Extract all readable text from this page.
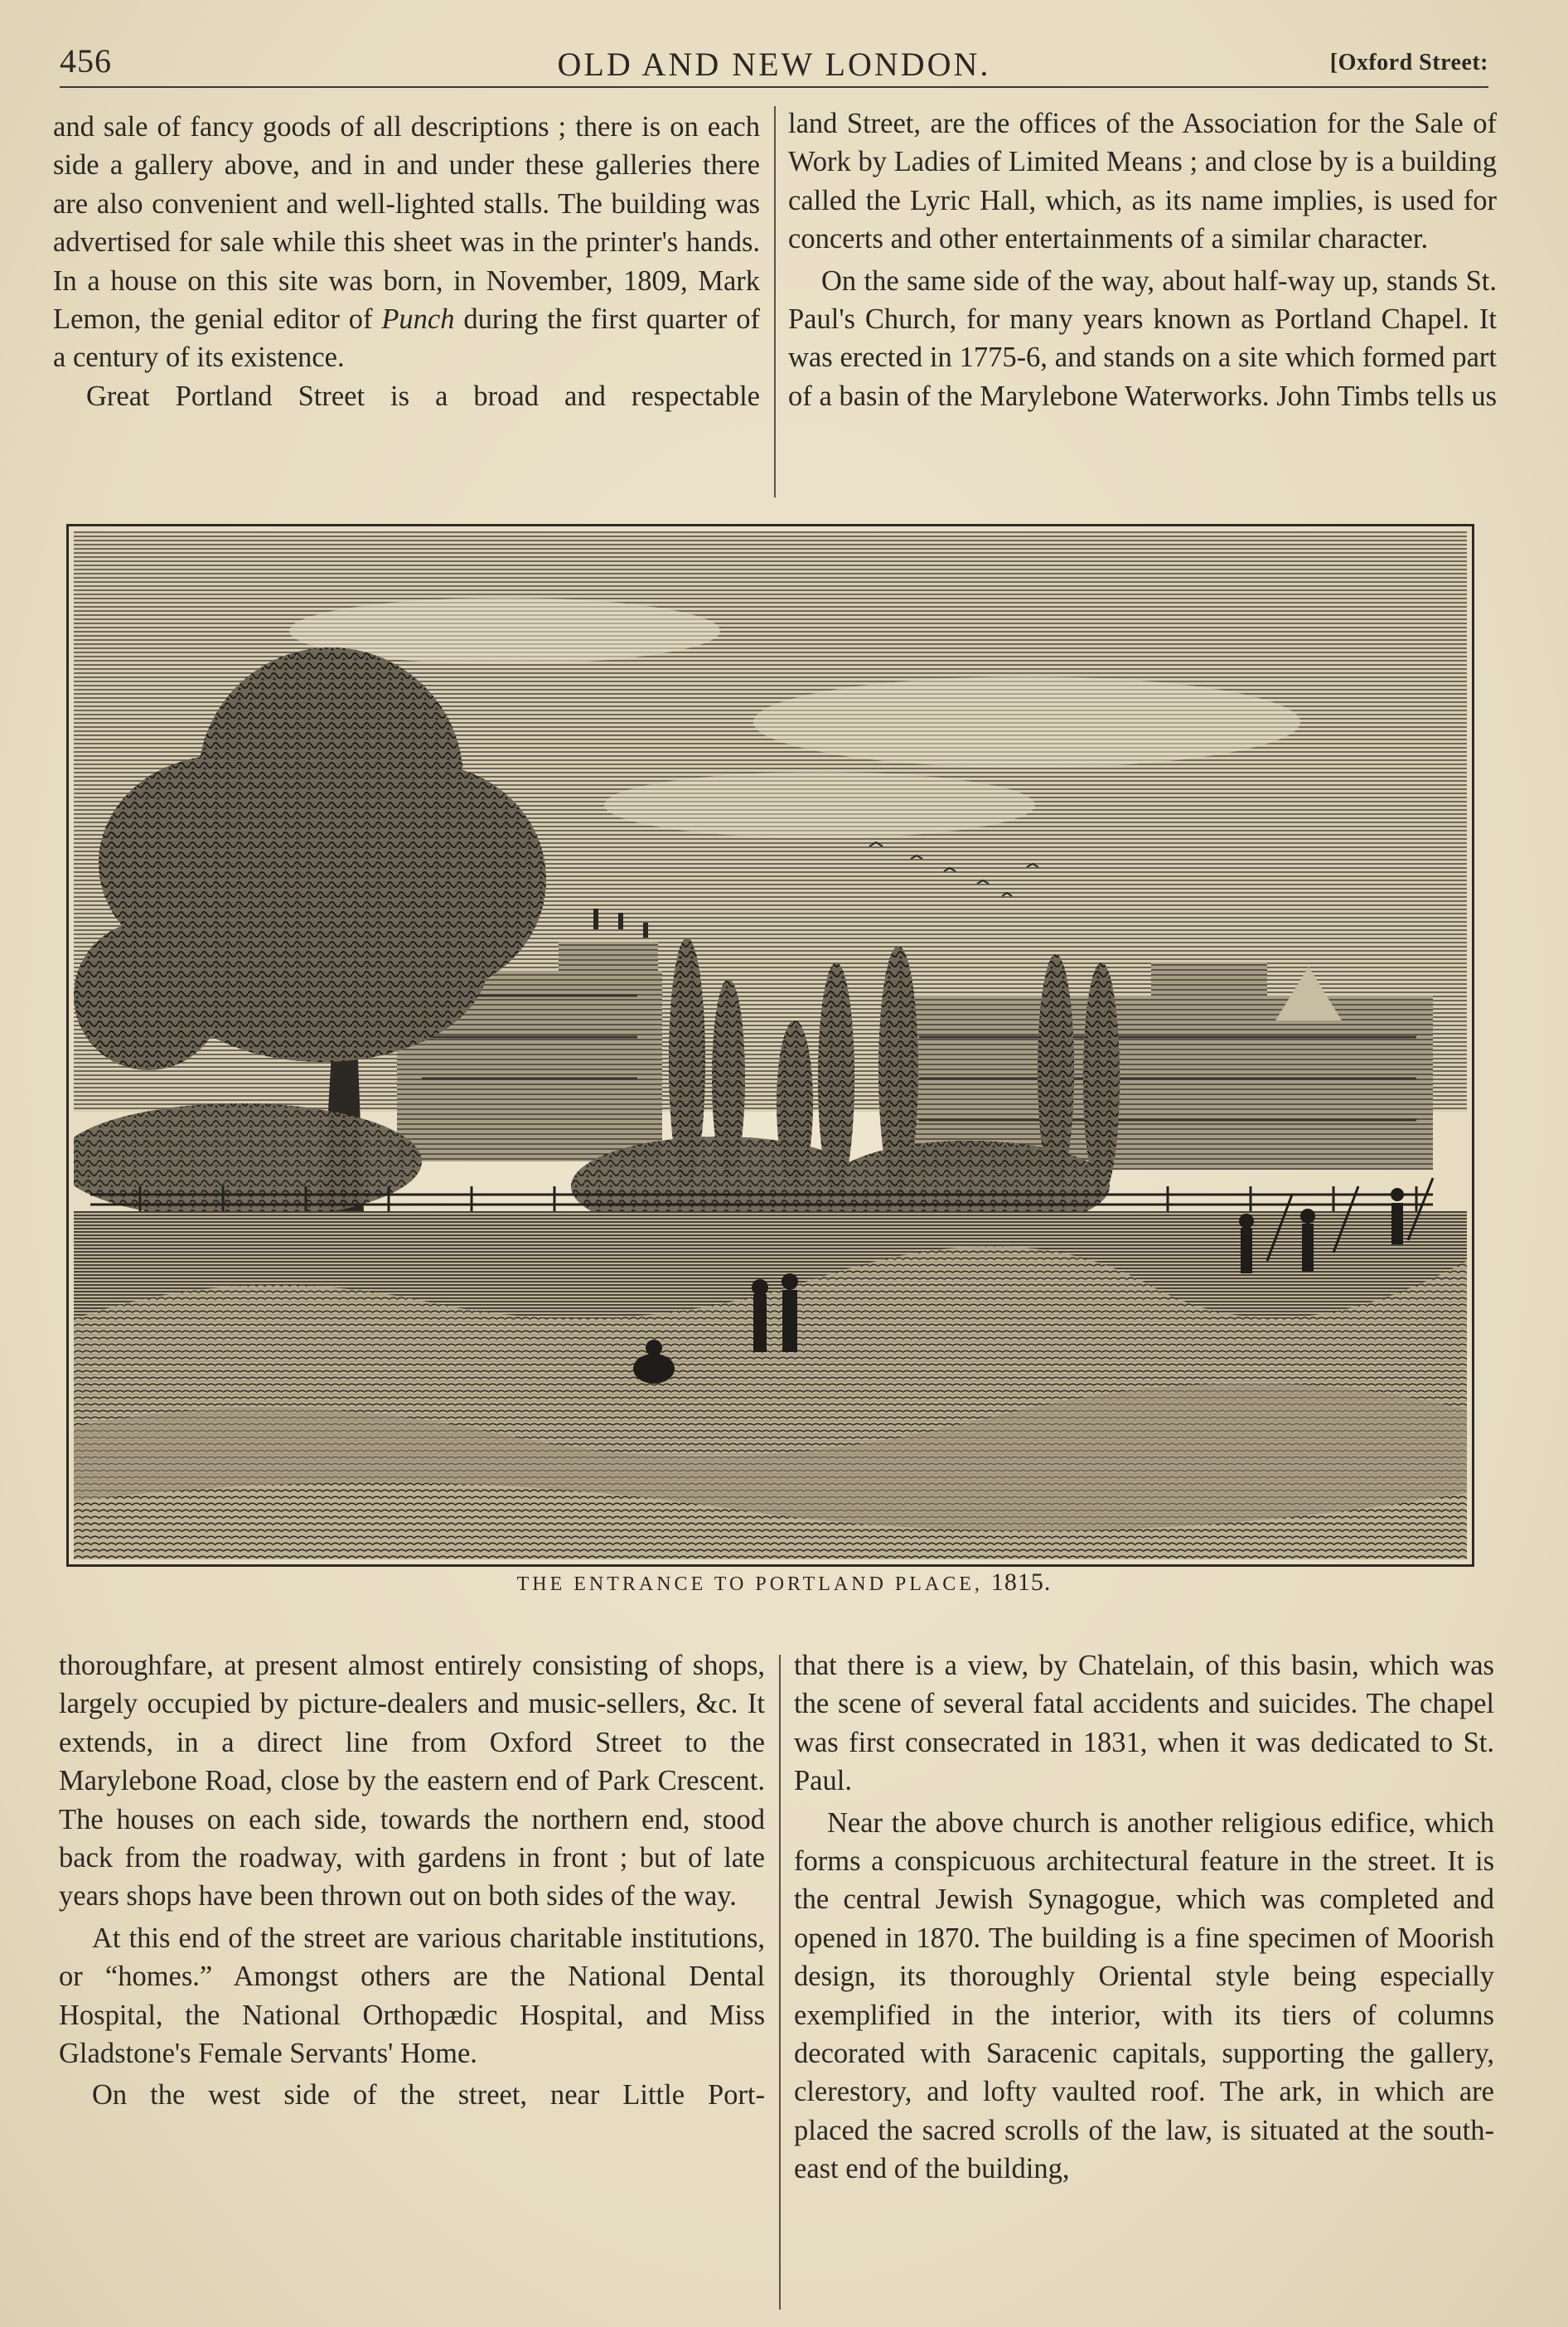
456	OLD AND NEW LONDON.	[Oxford Street:

and sale of fancy goods of all descriptions ; there is on each side a gallery above, and in and under these galleries there are also convenient and well-lighted stalls. The building was advertised for sale while this sheet was in the printer's hands. In a house on this site was born, in November, 1809, Mark Lemon, the genial editor of Punch during the first quarter of a century of its existence.

Great Portland Street is a broad and respectable

land Street, are the offices of the Association for the Sale of Work by Ladies of Limited Means ; and close by is a building called the Lyric Hall, which, as its name implies, is used for concerts and other entertainments of a similar character.

On the same side of the way, about half-way up, stands St. Paul's Church, for many years known as Portland Chapel. It was erected in 1775-6, and stands on a site which formed part of a basin of the Marylebone Waterworks. John Timbs tells us

THE ENTRANCE TO PORTLAND PLACE, 1815.

thoroughfare, at present almost entirely consisting of shops, largely occupied by picture-dealers and music-sellers, &c. It extends, in a direct line from Oxford Street to the Marylebone Road, close by the eastern end of Park Crescent. The houses on each side, towards the northern end, stood back from the roadway, with gardens in front ; but of late years shops have been thrown out on both sides of the way.

At this end of the street are various charitable institutions, or “homes.” Amongst others are the National Dental Hospital, the National Orthopædic Hospital, and Miss Gladstone's Female Servants' Home.

On the west side of the street, near Little Port-

that there is a view, by Chatelain, of this basin, which was the scene of several fatal accidents and suicides. The chapel was first consecrated in 1831, when it was dedicated to St. Paul.

Near the above church is another religious edifice, which forms a conspicuous architectural feature in the street. It is the central Jewish Synagogue, which was completed and opened in 1870. The building is a fine specimen of Moorish design, its thoroughly Oriental style being especially exemplified in the interior, with its tiers of columns decorated with Saracenic capitals, supporting the gallery, clerestory, and lofty vaulted roof. The ark, in which are placed the sacred scrolls of the law, is situated at the south-east end of the building,
